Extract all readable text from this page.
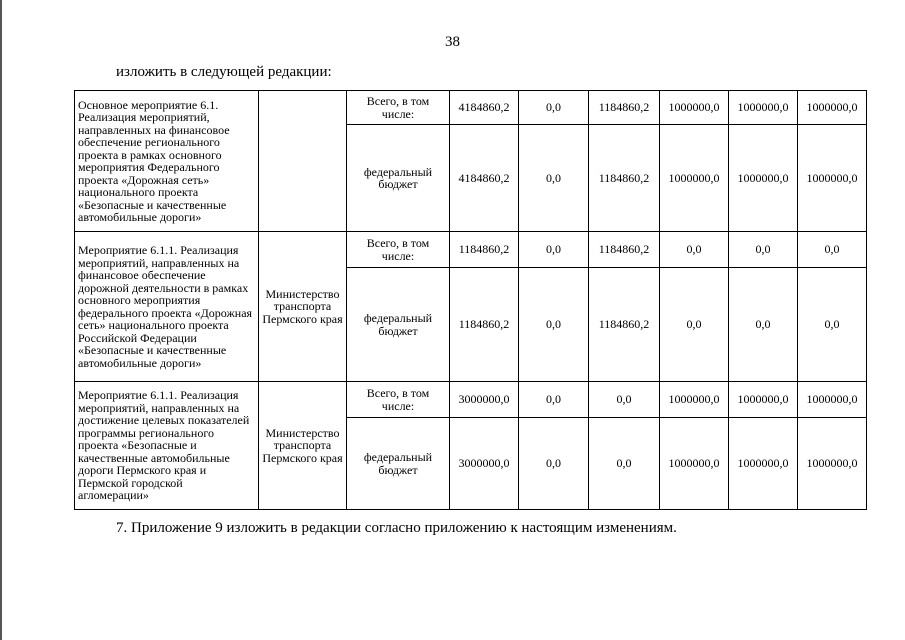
38
изложить в следующей редакции:
Основное мероприятие 6.1. Реализация мероприятий, направленных на финансовое обеспечение регионального проекта в рамках основного мероприятия Федерального проекта «Дорожная сеть» национального проекта «Безопасные и качественные автомобильные дороги»		Всего, в том числе:	4184860,2	0,0	1184860,2	1000000,0	1000000,0	1000000,0
		федеральный бюджет	4184860,2	0,0	1184860,2	1000000,0	1000000,0	1000000,0
Мероприятие 6.1.1. Реализация мероприятий, направленных на финансовое обеспечение дорожной деятельности в рамках основного мероприятия федерального проекта «Дорожная сеть» национального проекта Российской Федерации «Безопасные и качественные автомобильные дороги»	Министерство транспорта Пермского края	Всего, в том числе:	1184860,2	0,0	1184860,2	0,0	0,0	0,0
		федеральный бюджет	1184860,2	0,0	1184860,2	0,0	0,0	0,0
Мероприятие 6.1.1. Реализация мероприятий, направленных на достижение целевых показателей программы регионального проекта «Безопасные и качественные автомобильные дороги Пермского края и Пермской городской агломерации»	Министерство транспорта Пермского края	Всего, в том числе:	3000000,0	0,0	0,0	1000000,0	1000000,0	1000000,0
		федеральный бюджет	3000000,0	0,0	0,0	1000000,0	1000000,0	1000000,0
7. Приложение 9 изложить в редакции согласно приложению к настоящим изменениям.
